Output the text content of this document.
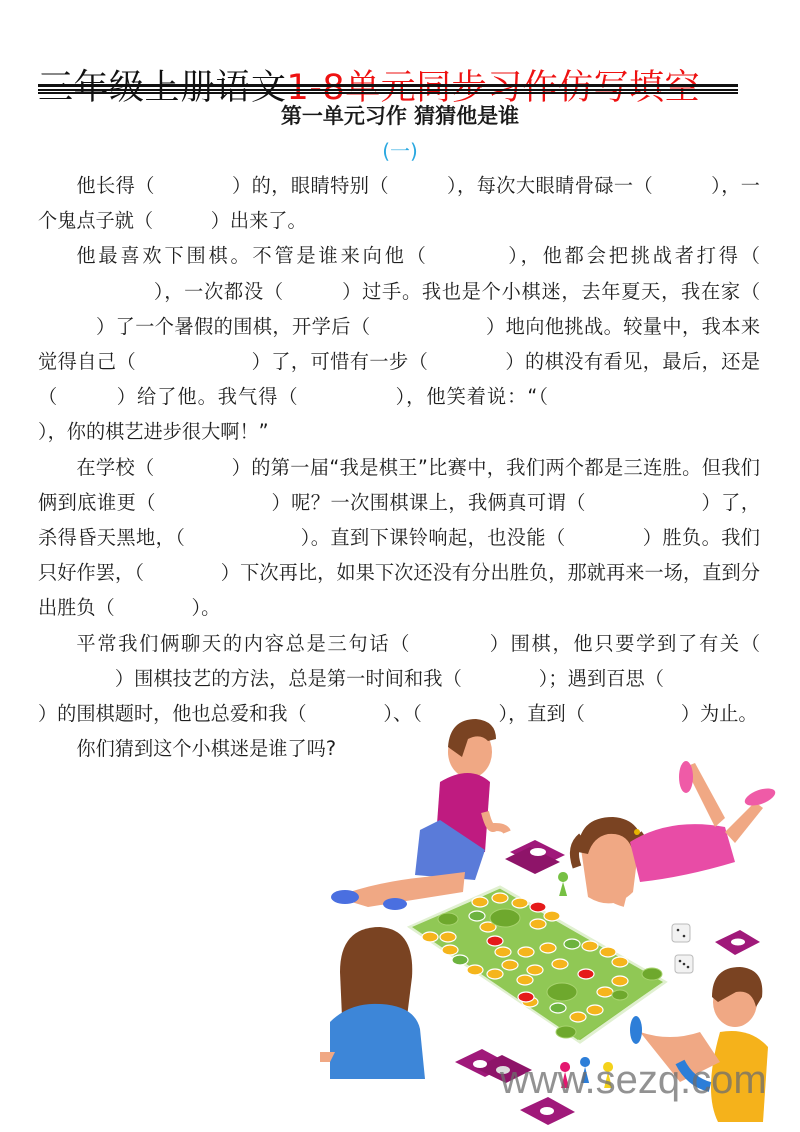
第一单元习作 猜猜他是谁
(一)

他长得（　　	）的，眼睛特别（　	），每次大眼睛骨碌一（　	），一个鬼点子就（　	）出来了。

他最喜欢下围棋。不管是谁来向他（　　	），他都会把挑战者打得（　　　　），一次都没（　	）过手。我也是个小棋迷，去年夏天，我在家（　）了一个暑假的围棋，开学后（　　　　	）地向他挑战。较量中，我本来觉得自己（　　　　	）了，可惜有一步（　　	）的棋没有看见，最后，还是（　	）给了他。我气得（　　　	），他笑着说：“（　　　　　　　　　），你的棋艺进步很大啊！”

在学校（　　	）的第一届“我是棋王”比赛中，我们两个都是三连胜。但我们俩到底谁更（　　　　	）呢？一次围棋课上，我俩真可谓（　　　　	）了，杀得昏天黑地，（　　　　	）。直到下课铃响起，也没能（　　	）胜负。我们只好作罢，（　　	）下次再比，如果下次还没有分出胜负，那就再来一场，直到分出胜负（　　	）。

平常我们俩聊天的内容总是三句话（　　	）围棋，他只要学到了有关（　　）围棋技艺的方法，总是第一时间和我（　　	）；遇到百思（　　　）的围棋题时，他也总爱和我（　　	）、（　　	），直到（　　　	）为止。

你们猜到这个小棋迷是谁了吗?

www.sezq.com
